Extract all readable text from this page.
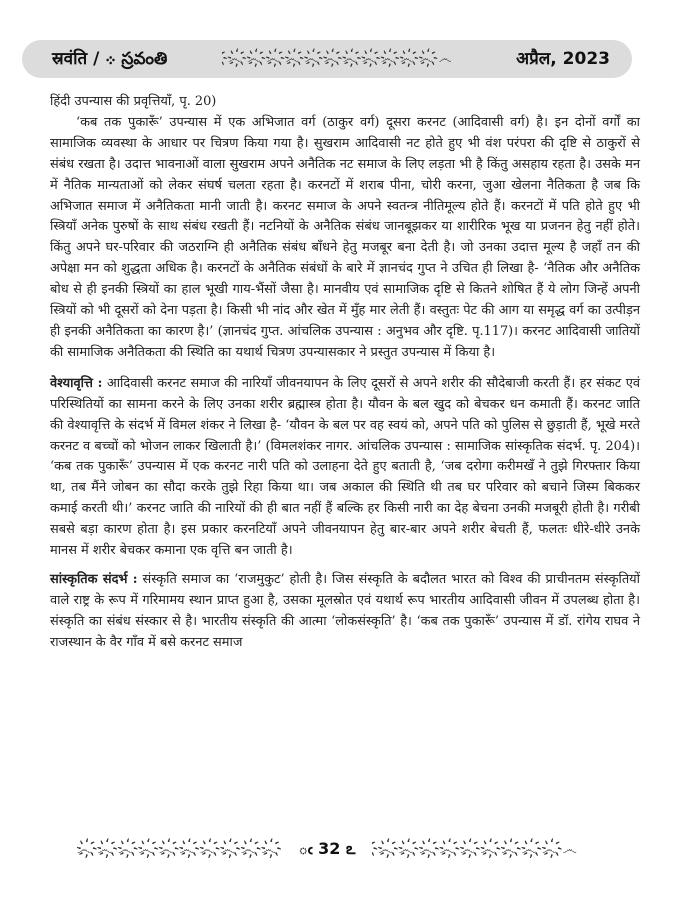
स्रवंति / ܀ స్రవంతి	҉෴҉෴҉෴҉෴҉෴҉෴҉෴҉෴҉෴҉෴҉෴҉෴	अप्रैल, 2023

हिंदी उपन्यास की प्रवृत्तियाँ, पृ. 20)

‘कब तक पुकारूँ’ उपन्यास में एक अभिजात वर्ग (ठाकुर वर्ग) दूसरा करनट (आदिवासी वर्ग) है। इन दोनों वर्गों का सामाजिक व्यवस्था के आधार पर चित्रण किया गया है। सुखराम आदिवासी नट होते हुए भी वंश परंपरा की दृष्टि से ठाकुरों से संबंध रखता है। उदात्त भावनाओं वाला सुखराम अपने अनैतिक नट समाज के लिए लड़ता भी है किंतु असहाय रहता है। उसके मन में नैतिक मान्यताओं को लेकर संघर्ष चलता रहता है। करनटों में शराब पीना, चोरी करना, जुआ खेलना नैतिकता है जब कि अभिजात समाज में अनैतिकता मानी जाती है। करनट समाज के अपने स्वतन्त्र नीतिमूल्य होते हैं। करनटों में पति होते हुए भी स्त्रियाँ अनेक पुरुषों के साथ संबंध रखती हैं। नटनियों के अनैतिक संबंध जानबूझकर या शारीरिक भूख या प्रजनन हेतु नहीं होते। किंतु अपने घर-परिवार की जठराग्नि ही अनैतिक संबंध बाँधने हेतु मजबूर बना देती है। जो उनका उदात्त मूल्य है जहाँ तन की अपेक्षा मन को शुद्धता अधिक है। करनटों के अनैतिक संबंधों के बारे में ज्ञानचंद गुप्त ने उचित ही लिखा है- ‘नैतिक और अनैतिक बोध से ही इनकी स्त्रियों का हाल भूखी गाय-भैंसों जैसा है। मानवीय एवं सामाजिक दृष्टि से कितने शोषित हैं ये लोग जिन्हें अपनी स्त्रियों को भी दूसरों को देना पड़ता है। किसी भी नांद और खेत में मुँह मार लेती हैं। वस्तुतः पेट की आग या समृद्ध वर्ग का उत्पीड़न ही इनकी अनैतिकता का कारण है।’ (ज्ञानचंद गुप्त. आंचलिक उपन्यास : अनुभव और दृष्टि. पृ.117)। करनट आदिवासी जातियों की सामाजिक अनैतिकता की स्थिति का यथार्थ चित्रण उपन्यासकार ने प्रस्तुत उपन्यास में किया है।

वेश्यावृत्ति : आदिवासी करनट समाज की नारियाँ जीवनयापन के लिए दूसरों से अपने शरीर की सौदेबाजी करती हैं। हर संकट एवं परिस्थितियों का सामना करने के लिए उनका शरीर ब्रह्मास्त्र होता है। यौवन के बल खुद को बेचकर धन कमाती हैं। करनट जाति की वेश्यावृत्ति के संदर्भ में विमल शंकर ने लिखा है- ‘यौवन के बल पर वह स्वयं को, अपने पति को पुलिस से छुड़ाती हैं, भूखे मरते करनट व बच्चों को भोजन लाकर खिलाती है।’ (विमलशंकर नागर. आंचलिक उपन्यास : सामाजिक सांस्कृतिक संदर्भ. पृ. 204)। ‘कब तक पुकारूँ’ उपन्यास में एक करनट नारी पति को उलाहना देते हुए बताती है, ‘जब दरोगा करीमखँ ने तुझे गिरफ्तार किया था, तब मैंने जोबन का सौदा करके तुझे रिहा किया था। जब अकाल की स्थिति थी तब घर परिवार को बचाने जिस्म बिककर कमाई करती थी।’ करनट जाति की नारियों की ही बात नहीं हैं बल्कि हर किसी नारी का देह बेचना उनकी मजबूरी होती है। गरीबी सबसे बड़ा कारण होता है। इस प्रकार करनटियाँ अपने जीवनयापन हेतु बार-बार अपने शरीर बेचती हैं, फलतः धीरे-धीरे उनके मानस में शरीर बेचकर कमाना एक वृत्ति बन जाती है।

सांस्कृतिक संदर्भ : संस्कृति समाज का ‘राजमुकुट’ होती है। जिस संस्कृति के बदौलत भारत को विश्व की प्राचीनतम संस्कृतियों वाले राष्ट्र के रूप में गरिमामय स्थान प्राप्त हुआ है, उसका मूलस्रोत एवं यथार्थ रूप भारतीय आदिवासी जीवन में उपलब्ध होता है। संस्कृति का संबंध संस्कार से है। भारतीय संस्कृति की आत्मा ‘लोकसंस्कृति’ है। ‘कब तक पुकारूँ’ उपन्यास में डॉ. रांगेय राघव ने राजस्थान के वैर गाँव में बसे करनट समाज

෴҉෴҉෴҉෴҉෴҉෴҉෴҉෴҉෴҉෴҉	ఁ 32 ఽ	҉෴҉෴҉෴҉෴҉෴҉෴҉෴҉෴҉෴҉෴
